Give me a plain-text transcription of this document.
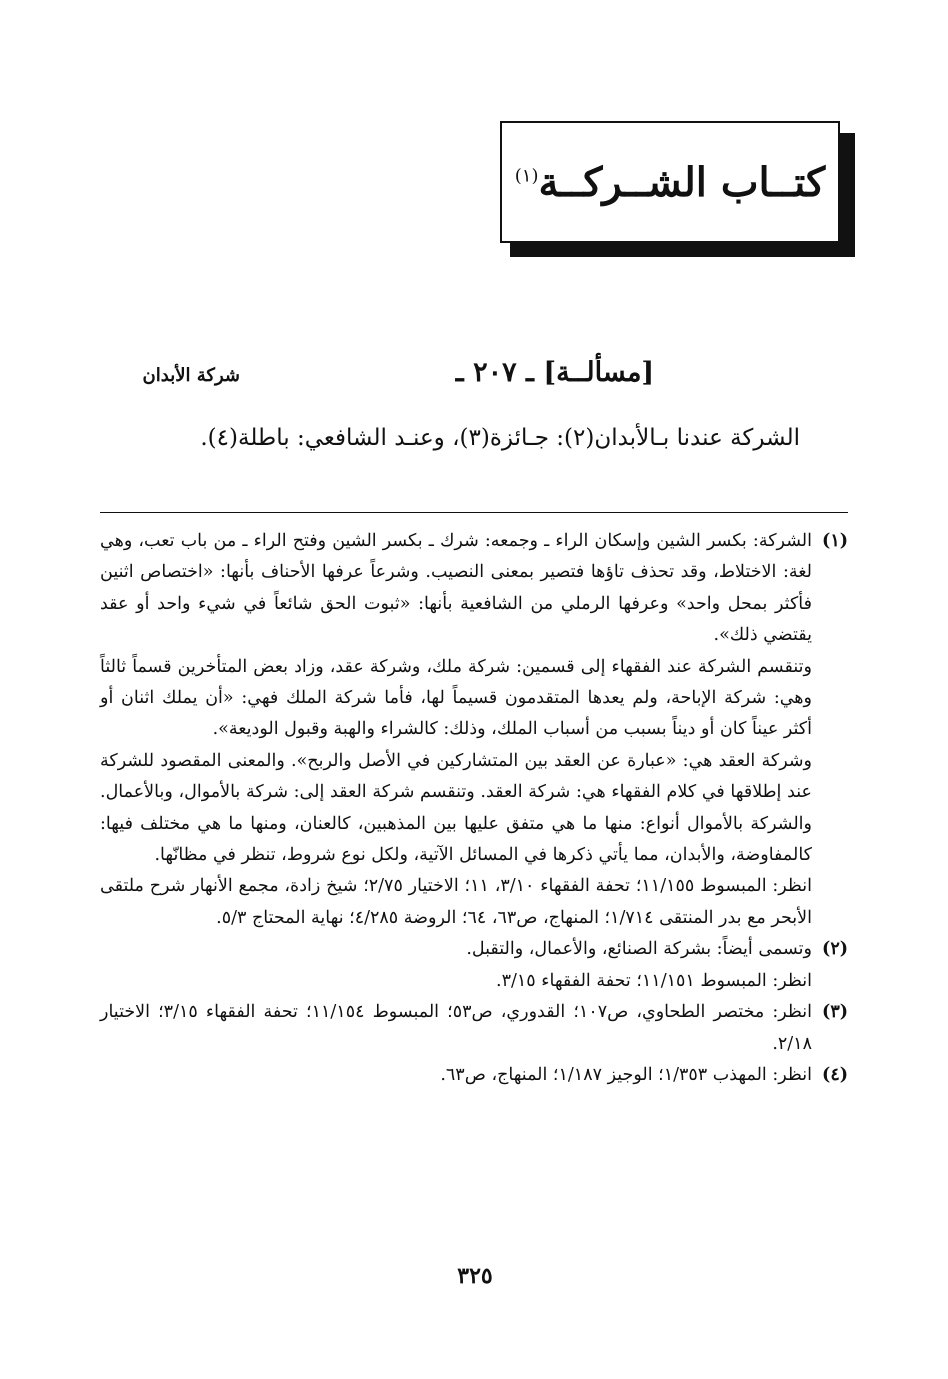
كتــاب الشــركــة$^{(١)}$
شركة الأبدان	[مسألــة] ـ ٢٠٧ ـ
الشركة عندنا بـالأبدان(٢): جـائزة(٣)، وعنـد الشافعي: باطلة(٤).
(١)

الشركة: بكسر الشين وإسكان الراء ـ وجمعه: شرك ـ بكسر الشين وفتح الراء ـ من باب تعب، وهي لغة: الاختلاط، وقد تحذف تاؤها فتصير بمعنى النصيب. وشرعاً عرفها الأحناف بأنها: «اختصاص اثنين فأكثر بمحل واحد» وعرفها الرملي من الشافعية بأنها: «ثبوت الحق شائعاً في شيء واحد أو عقد يقتضي ذلك».

وتنقسم الشركة عند الفقهاء إلى قسمين: شركة ملك، وشركة عقد، وزاد بعض المتأخرين قسماً ثالثاً وهي: شركة الإباحة، ولم يعدها المتقدمون قسيماً لها، فأما شركة الملك فهي: «أن يملك اثنان أو أكثر عيناً كان أو ديناً بسبب من أسباب الملك، وذلك: كالشراء والهبة وقبول الوديعة».

وشركة العقد هي: «عبارة عن العقد بين المتشاركين في الأصل والربح». والمعنى المقصود للشركة عند إطلاقها في كلام الفقهاء هي: شركة العقد. وتنقسم شركة العقد إلى: شركة بالأموال، وبالأعمال. والشركة بالأموال أنواع: منها ما هي متفق عليها بين المذهبين، كالعنان، ومنها ما هي مختلف فيها: كالمفاوضة، والأبدان، مما يأتي ذكرها في المسائل الآتية، ولكل نوع شروط، تنظر في مظانّها.

انظر: المبسوط ١١/١٥٥؛ تحفة الفقهاء ٣/١٠، ١١؛ الاختيار ٢/٧٥؛ شيخ زادة، مجمع الأنهار شرح ملتقى الأبحر مع بدر المنتقى ١/٧١٤؛ المنهاج، ص٦٣، ٦٤؛ الروضة ٤/٢٨٥؛ نهاية المحتاج ٥/٣.

(٢)

وتسمى أيضاً: بشركة الصنائع، والأعمال، والتقبل.

انظر: المبسوط ١١/١٥١؛ تحفة الفقهاء ٣/١٥.

(٣)

انظر: مختصر الطحاوي، ص١٠٧؛ القدوري، ص٥٣؛ المبسوط ١١/١٥٤؛ تحفة الفقهاء ٣/١٥؛ الاختيار ٢/١٨.

(٤)

انظر: المهذب ١/٣٥٣؛ الوجيز ١/١٨٧؛ المنهاج، ص٦٣.

٣٢٥
